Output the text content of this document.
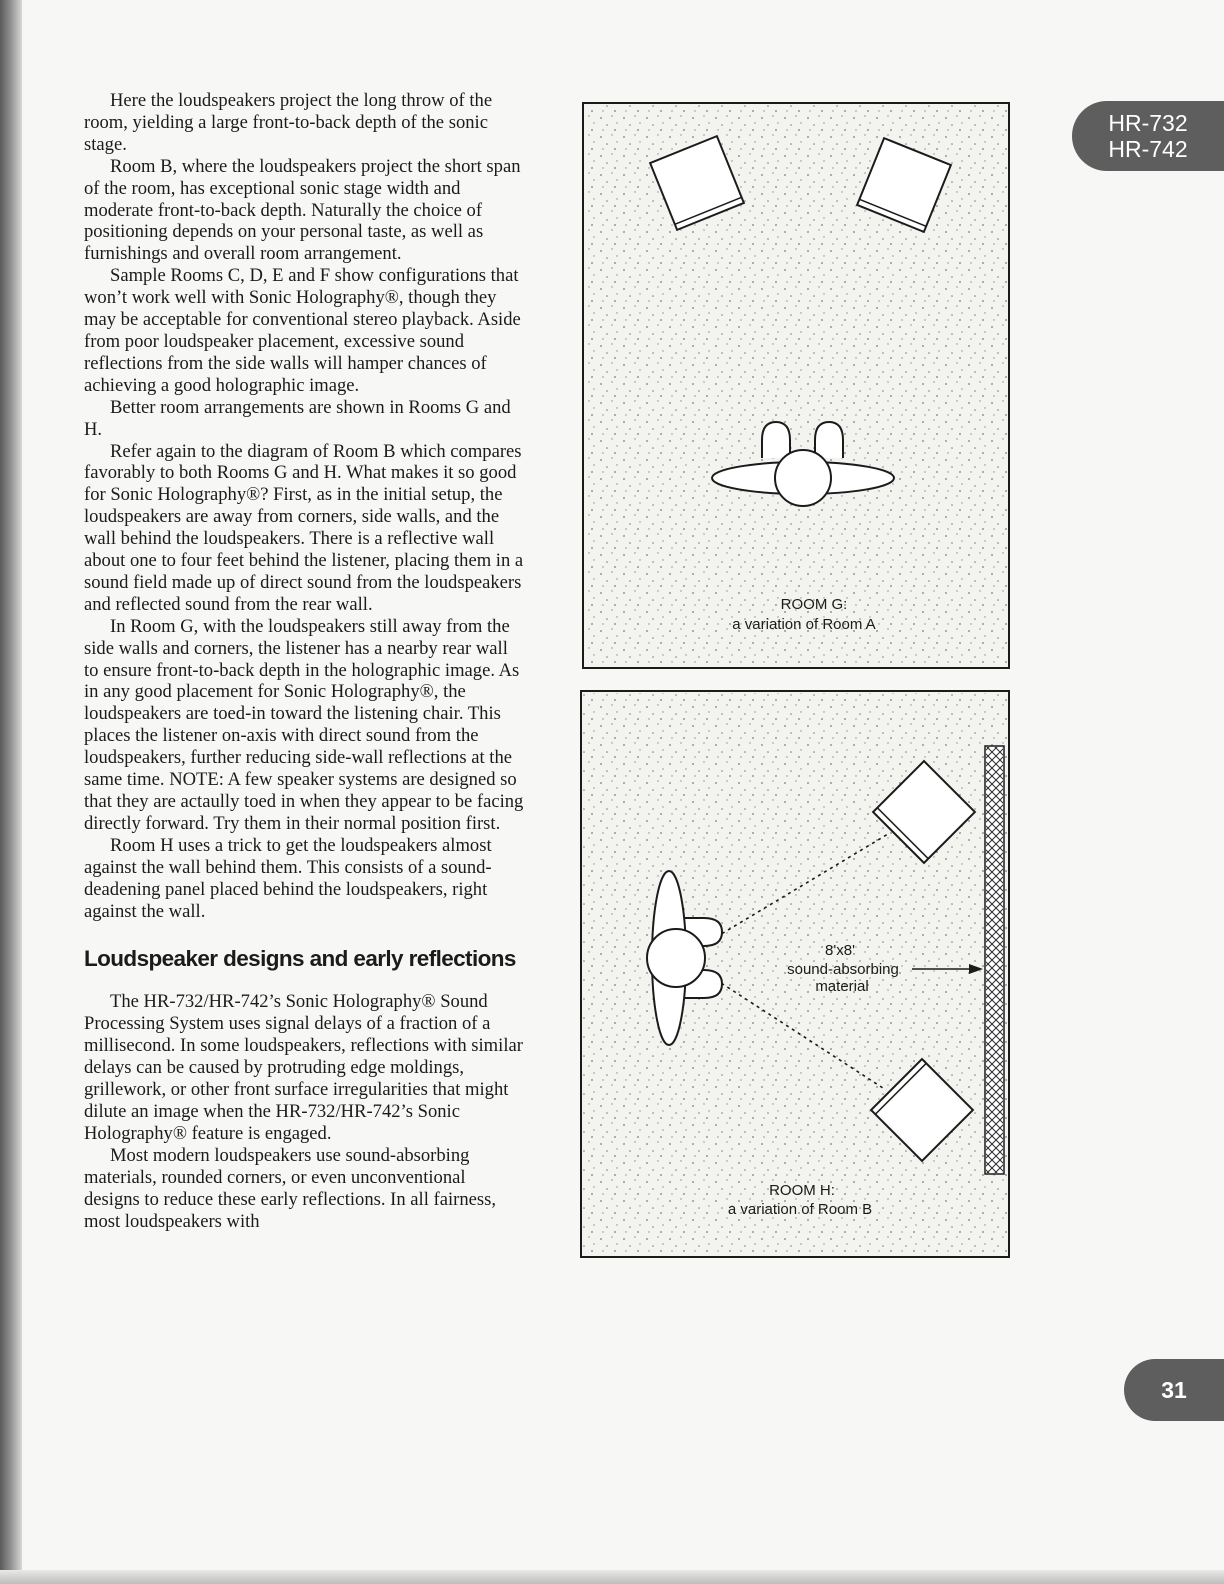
Here the loudspeakers project the long throw of the room, yielding a large front-to-back depth of the sonic stage.

Room B, where the loudspeakers project the short span of the room, has exceptional sonic stage width and moderate front-to-back depth. Naturally the choice of positioning depends on your personal taste, as well as furnishings and overall room arrangement.

Sample Rooms C, D, E and F show configurations that won’t work well with Sonic Holography®, though they may be acceptable for conventional stereo playback. Aside from poor loudspeaker placement, excessive sound reflections from the side walls will hamper chances of achieving a good holographic image.

Better room arrangements are shown in Rooms G and H.

Refer again to the diagram of Room B which compares favorably to both Rooms G and H. What makes it so good for Sonic Holography®? First, as in the initial setup, the loudspeakers are away from corners, side walls, and the wall behind the loudspeakers. There is a reflective wall about one to four feet behind the listener, placing them in a sound field made up of direct sound from the loudspeakers and reflected sound from the rear wall.

In Room G, with the loudspeakers still away from the side walls and corners, the listener has a nearby rear wall to ensure front-to-back depth in the holographic image. As in any good placement for Sonic Holography®, the loudspeakers are toed-in toward the listening chair. This places the listener on-axis with direct sound from the loudspeakers, further reducing side-wall reflections at the same time. NOTE: A few speaker systems are designed so that they are actaully toed in when they appear to be facing directly forward. Try them in their normal position first.

Room H uses a trick to get the loudspeakers almost against the wall behind them. This consists of a sound-deadening panel placed behind the loudspeakers, right against the wall.

Loudspeaker designs and early reflections

The HR-732/HR-742’s Sonic Holography® Sound Processing System uses signal delays of a fraction of a millisecond. In some loudspeakers, reflections with similar delays can be caused by protruding edge moldings, grillework, or other front surface irregularities that might dilute an image when the HR-732/HR-742’s Sonic Holography® feature is engaged.

Most modern loudspeakers use sound-absorbing materials, rounded corners, or even unconventional designs to reduce these early reflections. In all fairness, most loudspeakers with

HR-732
HR-742
31
ROOM G:
a variation of Room A
8'x8'
sound-absorbing
material
ROOM H:
a variation of Room B
